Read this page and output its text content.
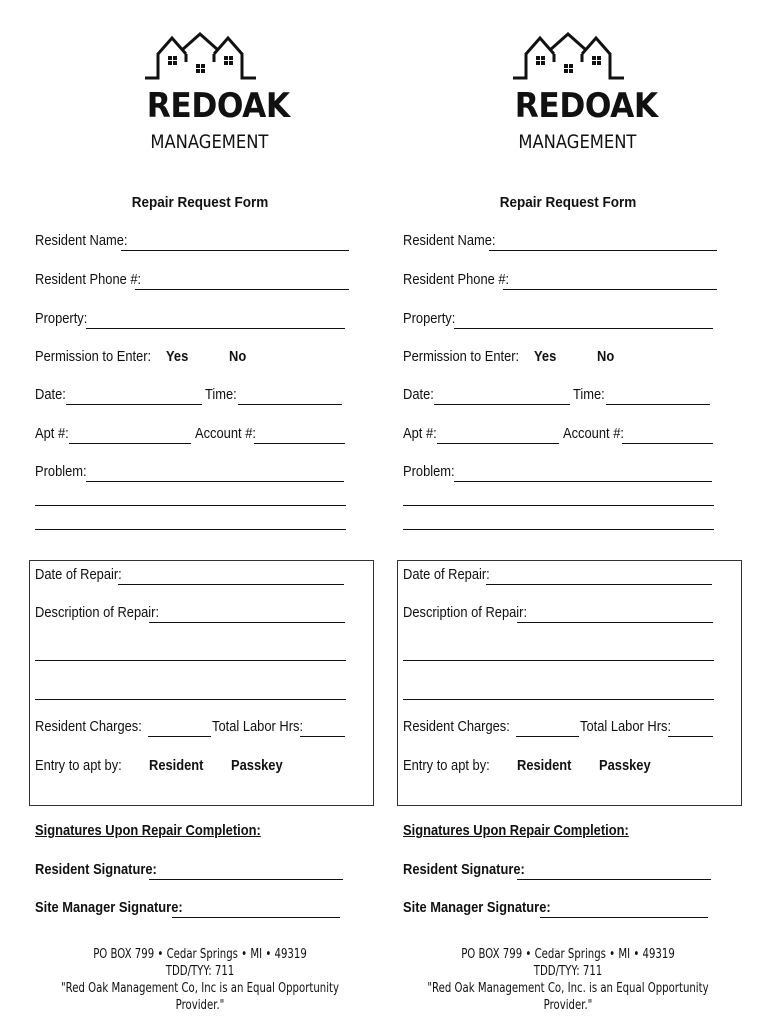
REDOAK
MANAGEMENT
Repair Request Form
Resident Name:
Resident Phone #:
Property:
Permission to Enter: Yes	No
Date:	Time:
Apt #:	Account #:
Problem:
Date of Repair:
Description of Repair:
Resident Charges:	Total Labor Hrs:
Entry to apt by: Resident Passkey
Signatures Upon Repair Completion:
Resident Signature:
Site Manager Signature:
PO BOX 799 • Cedar Springs • MI • 49319
TDD/TYY: 711
"Red Oak Management Co, Inc is an Equal Opportunity Provider."
REDOAK
MANAGEMENT
Repair Request Form
Resident Name:
Resident Phone #:
Property:
Permission to Enter: Yes	No
Date:	Time:
Apt #:	Account #:
Problem:
Date of Repair:
Description of Repair:
Resident Charges:	Total Labor Hrs:
Entry to apt by: Resident Passkey
Signatures Upon Repair Completion:
Resident Signature:
Site Manager Signature:
PO BOX 799 • Cedar Springs • MI • 49319
TDD/TYY: 711
"Red Oak Management Co, Inc. is an Equal Opportunity Provider."
